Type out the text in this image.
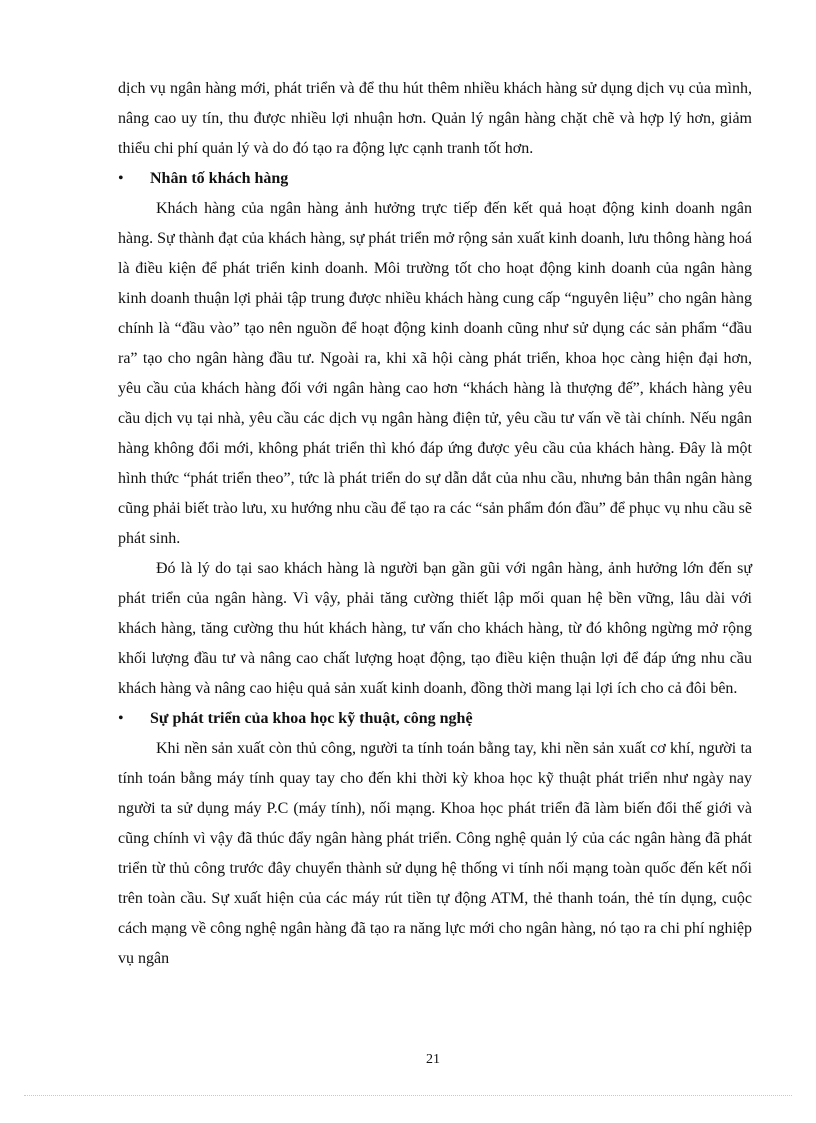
dịch vụ ngân hàng mới, phát triển và để thu hút thêm nhiều khách hàng sử dụng dịch vụ của mình, nâng cao uy tín, thu được nhiều lợi nhuận hơn. Quản lý ngân hàng chặt chẽ và hợp lý hơn, giảm thiểu chi phí quản lý và do đó tạo ra động lực cạnh tranh tốt hơn.

•	Nhân tố khách hàng

Khách hàng của ngân hàng ảnh hưởng trực tiếp đến kết quả hoạt động kinh doanh ngân hàng. Sự thành đạt của khách hàng, sự phát triển mở rộng sản xuất kinh doanh, lưu thông hàng hoá là điều kiện để phát triển kinh doanh. Môi trường tốt cho hoạt động kinh doanh của ngân hàng kinh doanh thuận lợi phải tập trung được nhiều khách hàng cung cấp “nguyên liệu” cho ngân hàng chính là “đầu vào” tạo nên nguồn để hoạt động kinh doanh cũng như sử dụng các sản phẩm “đầu ra” tạo cho ngân hàng đầu tư. Ngoài ra, khi xã hội càng phát triển, khoa học càng hiện đại hơn, yêu cầu của khách hàng đối với ngân hàng cao hơn “khách hàng là thượng đế”, khách hàng yêu cầu dịch vụ tại nhà, yêu cầu các dịch vụ ngân hàng điện tử, yêu cầu tư vấn về tài chính. Nếu ngân hàng không đổi mới, không phát triển thì khó đáp ứng được yêu cầu của khách hàng. Đây là một hình thức “phát triển theo”, tức là phát triển do sự dẫn dắt của nhu cầu, nhưng bản thân ngân hàng cũng phải biết trào lưu, xu hướng nhu cầu để tạo ra các “sản phẩm đón đầu” để phục vụ nhu cầu sẽ phát sinh.

Đó là lý do tại sao khách hàng là người bạn gần gũi với ngân hàng, ảnh hưởng lớn đến sự phát triển của ngân hàng. Vì vậy, phải tăng cường thiết lập mối quan hệ bền vững, lâu dài với khách hàng, tăng cường thu hút khách hàng, tư vấn cho khách hàng, từ đó không ngừng mở rộng khối lượng đầu tư và nâng cao chất lượng hoạt động, tạo điều kiện thuận lợi để đáp ứng nhu cầu khách hàng và nâng cao hiệu quả sản xuất kinh doanh, đồng thời mang lại lợi ích cho cả đôi bên.

•	Sự phát triển của khoa học kỹ thuật, công nghệ

Khi nền sản xuất còn thủ công, người ta tính toán bằng tay, khi nền sản xuất cơ khí, người ta tính toán bằng máy tính quay tay cho đến khi thời kỳ khoa học kỹ thuật phát triển như ngày nay người ta sử dụng máy P.C (máy tính), nối mạng. Khoa học phát triển đã làm biến đổi thế giới và cũng chính vì vậy đã thúc đẩy ngân hàng phát triển. Công nghệ quản lý của các ngân hàng đã phát triển từ thủ công trước đây chuyển thành sử dụng hệ thống vi tính nối mạng toàn quốc đến kết nối trên toàn cầu. Sự xuất hiện của các máy rút tiền tự động ATM, thẻ thanh toán, thẻ tín dụng, cuộc cách mạng về công nghệ ngân hàng đã tạo ra năng lực mới cho ngân hàng, nó tạo ra chi phí nghiệp vụ ngân

21
